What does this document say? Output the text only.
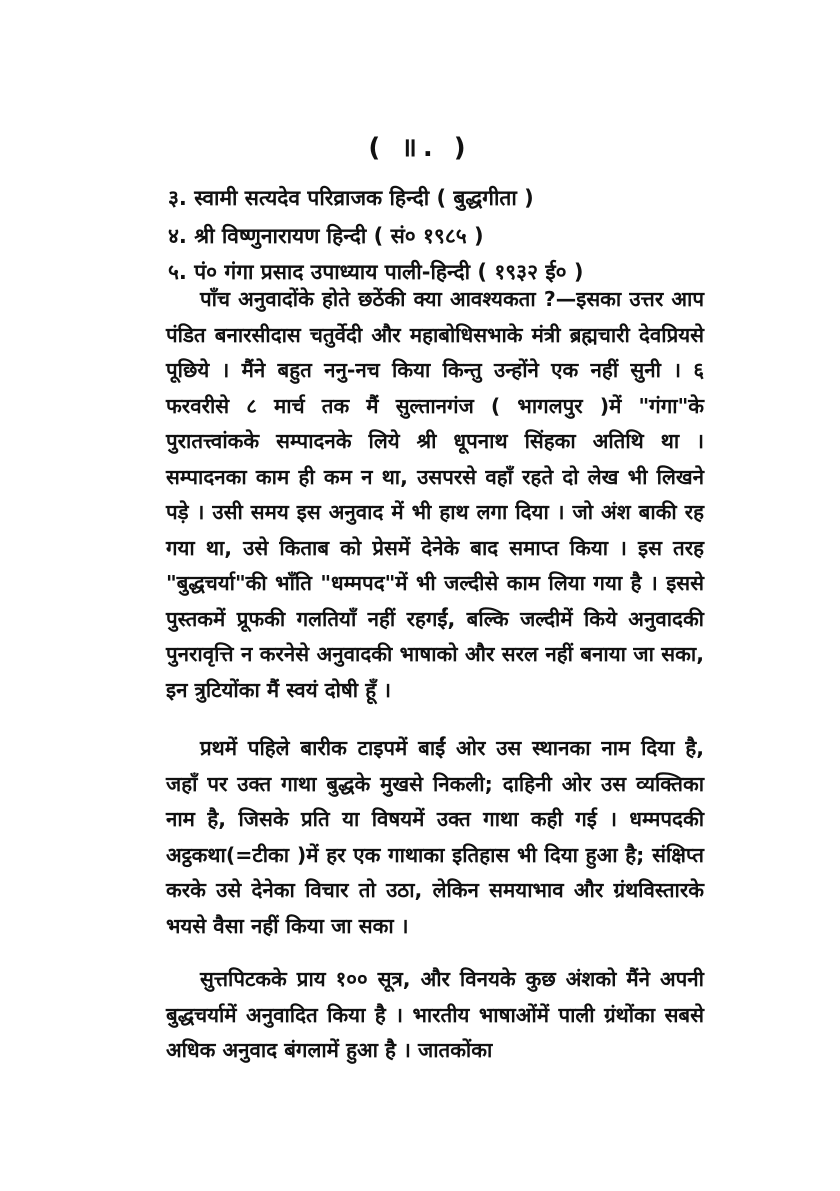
( ॥. )
३. स्वामी सत्यदेव परिव्राजक हिन्दी ( बुद्धगीता )
४. श्री विष्णुनारायण हिन्दी ( सं० १९८५ )
५. पं० गंगा प्रसाद उपाध्याय पाली-हिन्दी ( १९३२ ई० )

पाँच अनुवादोंके होते छठेंकी क्या आवश्यकता ?—इसका उत्तर आप पंडित बनारसीदास चतुर्वेदी और महाबोधिसभाके मंत्री ब्रह्मचारी देवप्रियसे पूछिये । मैंने बहुत ननु-नच किया किन्तु उन्होंने एक नहीं सुनी । ६ फरवरीसे ८ मार्च तक मैं सुल्तानगंज ( भागलपुर )में "गंगा"के पुरातत्त्वांकके सम्पादनके लिये श्री धूपनाथ सिंहका अतिथि था । सम्पादनका काम ही कम न था, उसपरसे वहाँ रहते दो लेख भी लिखने पड़े । उसी समय इस अनुवाद में भी हाथ लगा दिया । जो अंश बाकी रह गया था, उसे किताब को प्रेसमें देनेके बाद समाप्त किया । इस तरह "बुद्धचर्या"की भाँति "धम्मपद"में भी जल्दीसे काम लिया गया है । इससे पुस्तकमें प्रूफकी गलतियाँ नहीं रहगईं, बल्कि जल्दीमें किये अनुवादकी पुनरावृत्ति न करनेसे अनुवादकी भाषाको और सरल नहीं बनाया जा सका, इन त्रुटियोंका मैं स्वयं दोषी हूँ ।

प्रथमें पहिले बारीक टाइपमें बाईं ओर उस स्थानका नाम दिया है, जहाँ पर उक्त गाथा बुद्धके मुखसे निकली; दाहिनी ओर उस व्यक्तिका नाम है, जिसके प्रति या विषयमें उक्त गाथा कही गई । धम्मपदकी अट्ठकथा(=टीका )में हर एक गाथाका इतिहास भी दिया हुआ है; संक्षिप्त करके उसे देनेका विचार तो उठा, लेकिन समयाभाव और ग्रंथविस्तारके भयसे वैसा नहीं किया जा सका ।

सुत्तपिटकके प्राय १०० सूत्र, और विनयके कुछ अंशको मैंने अपनी बुद्धचर्यामें अनुवादित किया है । भारतीय भाषाओंमें पाली ग्रंथोंका सबसे अधिक अनुवाद बंगलामें हुआ है । जातकोंका
